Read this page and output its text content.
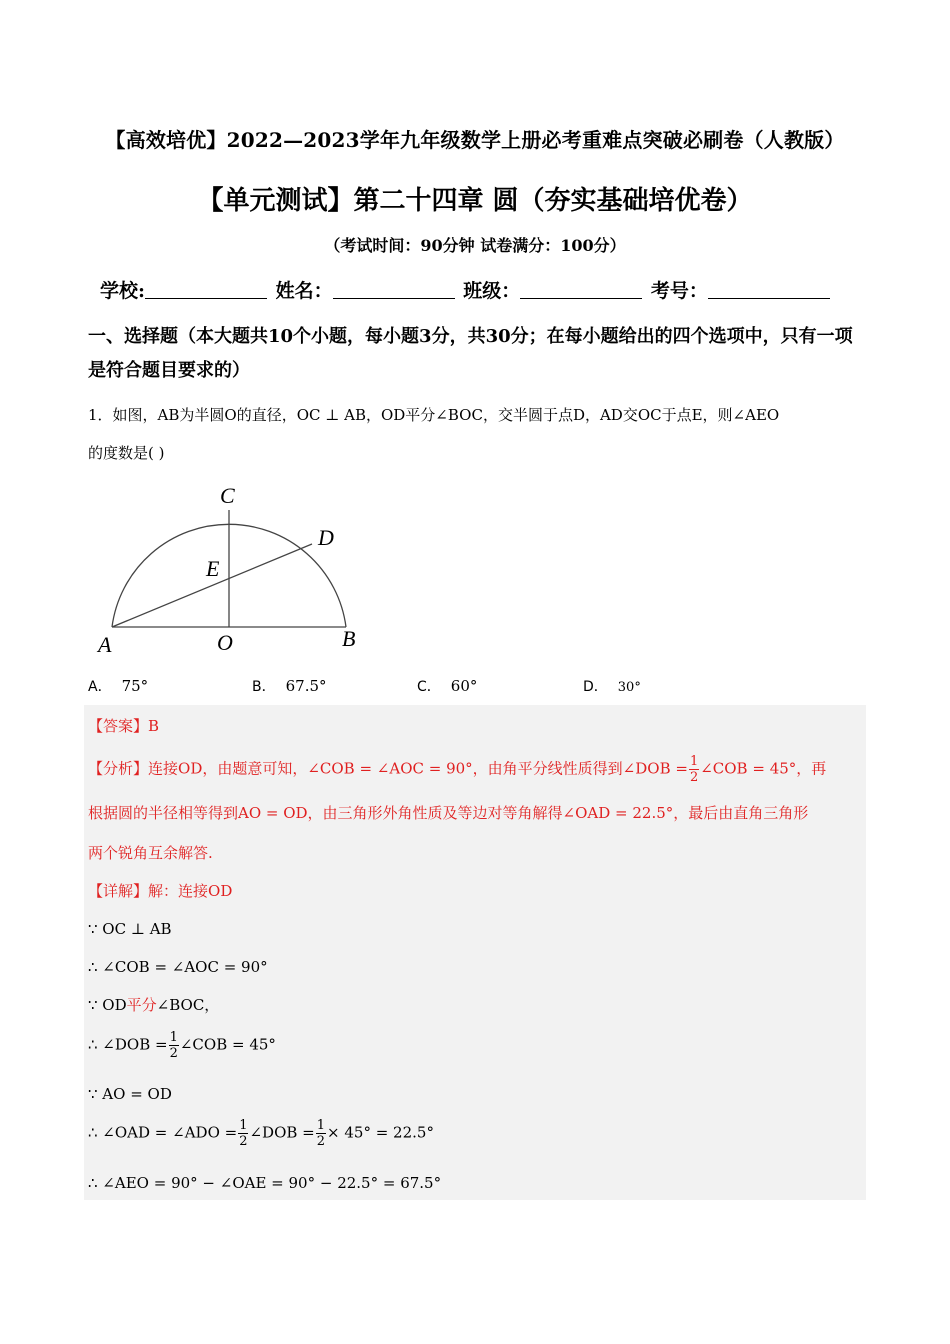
【高效培优】2022—2023学年九年级数学上册必考重难点突破必刷卷（人教版）
【单元测试】第二十四章 圆（夯实基础培优卷）
（考试时间：90分钟 试卷满分：100分）
学校:	姓名：	班级：	考号：
一、选择题（本大题共10个小题，每小题3分，共30分；在每小题给出的四个选项中，只有一项是符合题目要求的）
1．如图，AB为半圆O的直径，OC ⊥ AB，OD平分∠BOC，交半圆于点D，AD交OC于点E，则∠AEO
的度数是( )
A	B
C
D
E
O
A． 75°	B． 67.5°	C． 60°	D． 30°
【答案】B
【分析】连接OD，由题意可知，∠COB = ∠AOC = 90°，由角平分线性质得到∠DOB = $\frac{1}{2}$ ∠COB = 45°，再
根据圆的半径相等得到AO = OD，由三角形外角性质及等边对等角解得∠OAD = 22.5°，最后由直角三角形
两个锐角互余解答.
【详解】解：连接OD
∵ OC ⊥ AB
∴ ∠COB = ∠AOC = 90°
∵ OD平分∠BOC，
∴ ∠DOB = $\frac{1}{2}$ ∠COB = 45°
∵ AO = OD
∴ ∠OAD = ∠ADO = $\frac{1}{2}$ ∠DOB = $\frac{1}{2} \times 45^\circ = 22.5^\circ$
∴ ∠AEO = 90° − ∠OAE = 90° − 22.5° = 67.5°
